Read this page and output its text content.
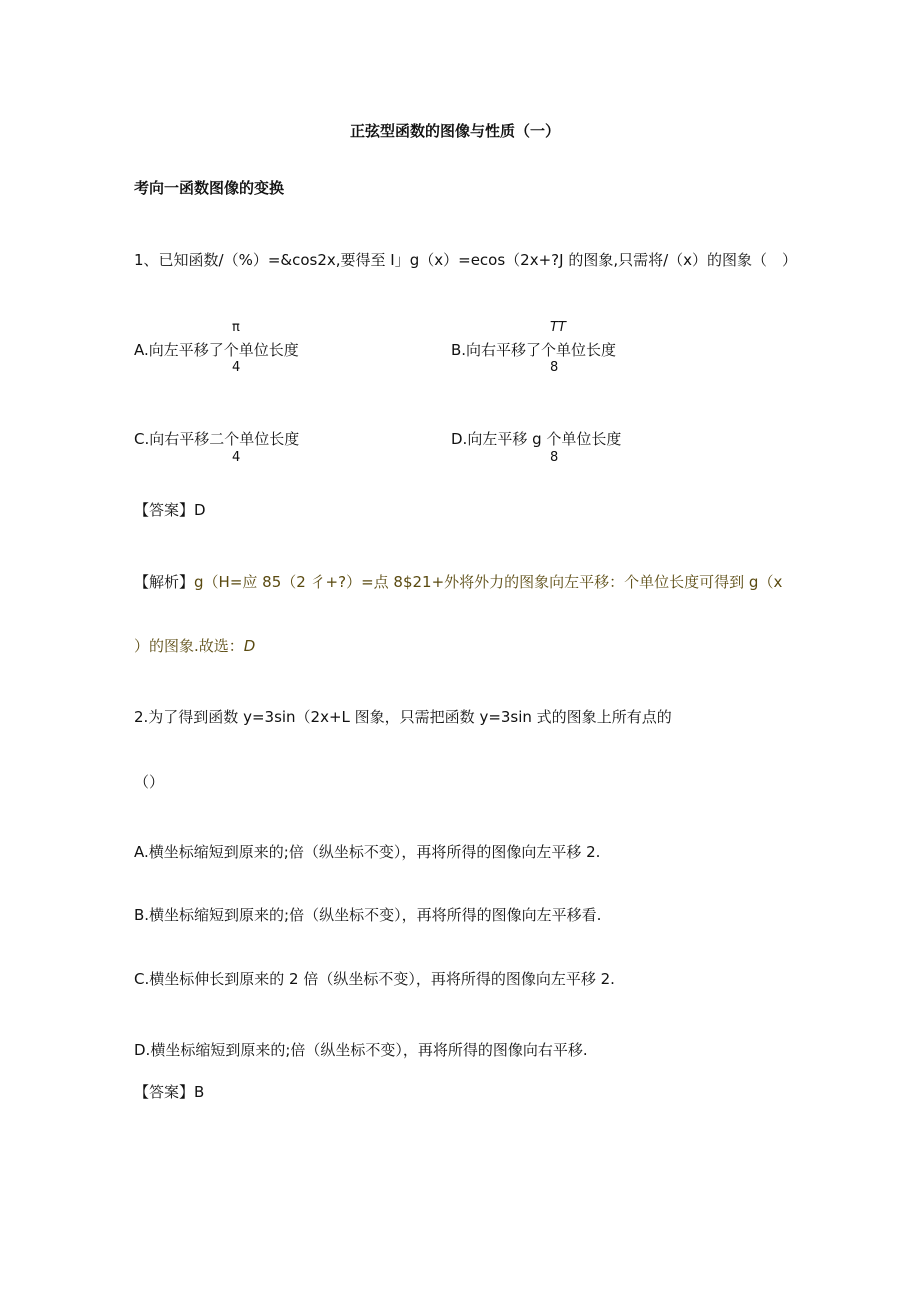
正弦型函数的图像与性质（一）
考向一函数图像的变换
1、已知函数/（%）=&cos2x,要得至 I」g（x）=ecos（2x+?J 的图象,只需将/（x）的图象（　）
π
A.向左平移了个单位长度
4
TT
B.向右平移了个单位长度
8
C.向右平移二个单位长度
4
D.向左平移 g 个单位长度
8
【答案】D
【解析】g（H=应 85（2 彳+?）=点 8$21+外将外力的图象向左平移：个单位长度可得到 g（x
）的图象.故选：D
2.为了得到函数 y=3sin（2x+L 图象，只需把函数 y=3sin 式的图象上所有点的
（）
A.横坐标缩短到原来的;倍（纵坐标不变），再将所得的图像向左平移 2.
B.横坐标缩短到原来的;倍（纵坐标不变），再将所得的图像向左平移看.
C.横坐标伸长到原来的 2 倍（纵坐标不变），再将所得的图像向左平移 2.
D.横坐标缩短到原来的;倍（纵坐标不变），再将所得的图像向右平移.
【答案】B
